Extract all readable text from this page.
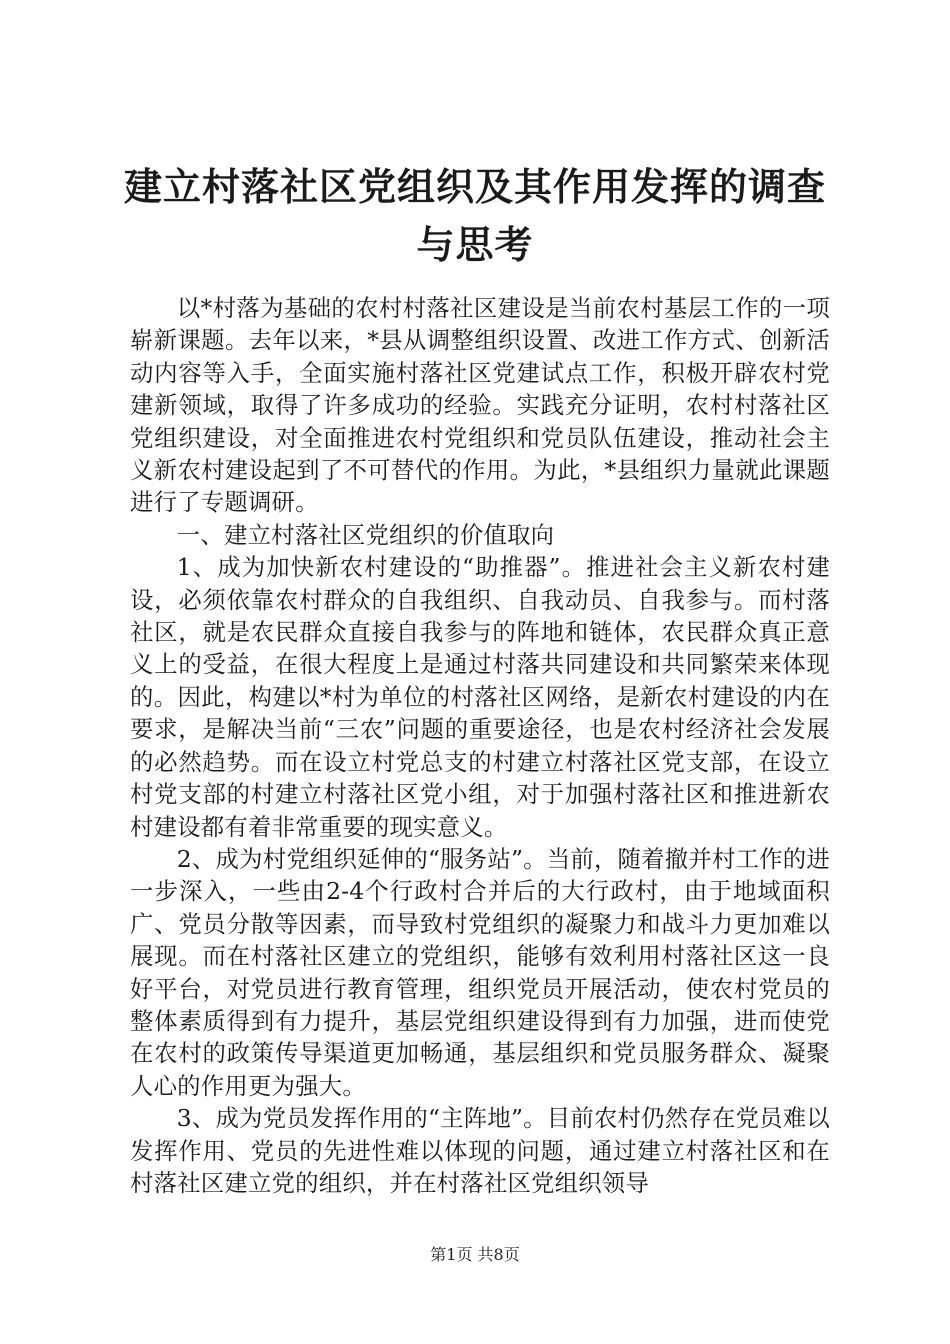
建立村落社区党组织及其作用发挥的调查与思考

以*村落为基础的农村村落社区建设是当前农村基层工作的一项崭新课题。去年以来，*县从调整组织设置、改进工作方式、创新活动内容等入手，全面实施村落社区党建试点工作，积极开辟农村党建新领域，取得了许多成功的经验。实践充分证明，农村村落社区党组织建设，对全面推进农村党组织和党员队伍建设，推动社会主义新农村建设起到了不可替代的作用。为此，*县组织力量就此课题进行了专题调研。

一、建立村落社区党组织的价值取向

1、成为加快新农村建设的“助推器”。推进社会主义新农村建设，必须依靠农村群众的自我组织、自我动员、自我参与。而村落社区，就是农民群众直接自我参与的阵地和链体，农民群众真正意义上的受益，在很大程度上是通过村落共同建设和共同繁荣来体现的。因此，构建以*村为单位的村落社区网络，是新农村建设的内在要求，是解决当前“三农”问题的重要途径，也是农村经济社会发展的必然趋势。而在设立村党总支的村建立村落社区党支部，在设立村党支部的村建立村落社区党小组，对于加强村落社区和推进新农村建设都有着非常重要的现实意义。

2、成为村党组织延伸的“服务站”。当前，随着撤并村工作的进一步深入，一些由2-4个行政村合并后的大行政村，由于地域面积广、党员分散等因素，而导致村党组织的凝聚力和战斗力更加难以展现。而在村落社区建立的党组织，能够有效利用村落社区这一良好平台，对党员进行教育管理，组织党员开展活动，使农村党员的整体素质得到有力提升，基层党组织建设得到有力加强，进而使党在农村的政策传导渠道更加畅通，基层组织和党员服务群众、凝聚人心的作用更为强大。

3、成为党员发挥作用的“主阵地”。目前农村仍然存在党员难以发挥作用、党员的先进性难以体现的问题，通过建立村落社区和在村落社区建立党的组织，并在村落社区党组织领导

第1页 共8页
